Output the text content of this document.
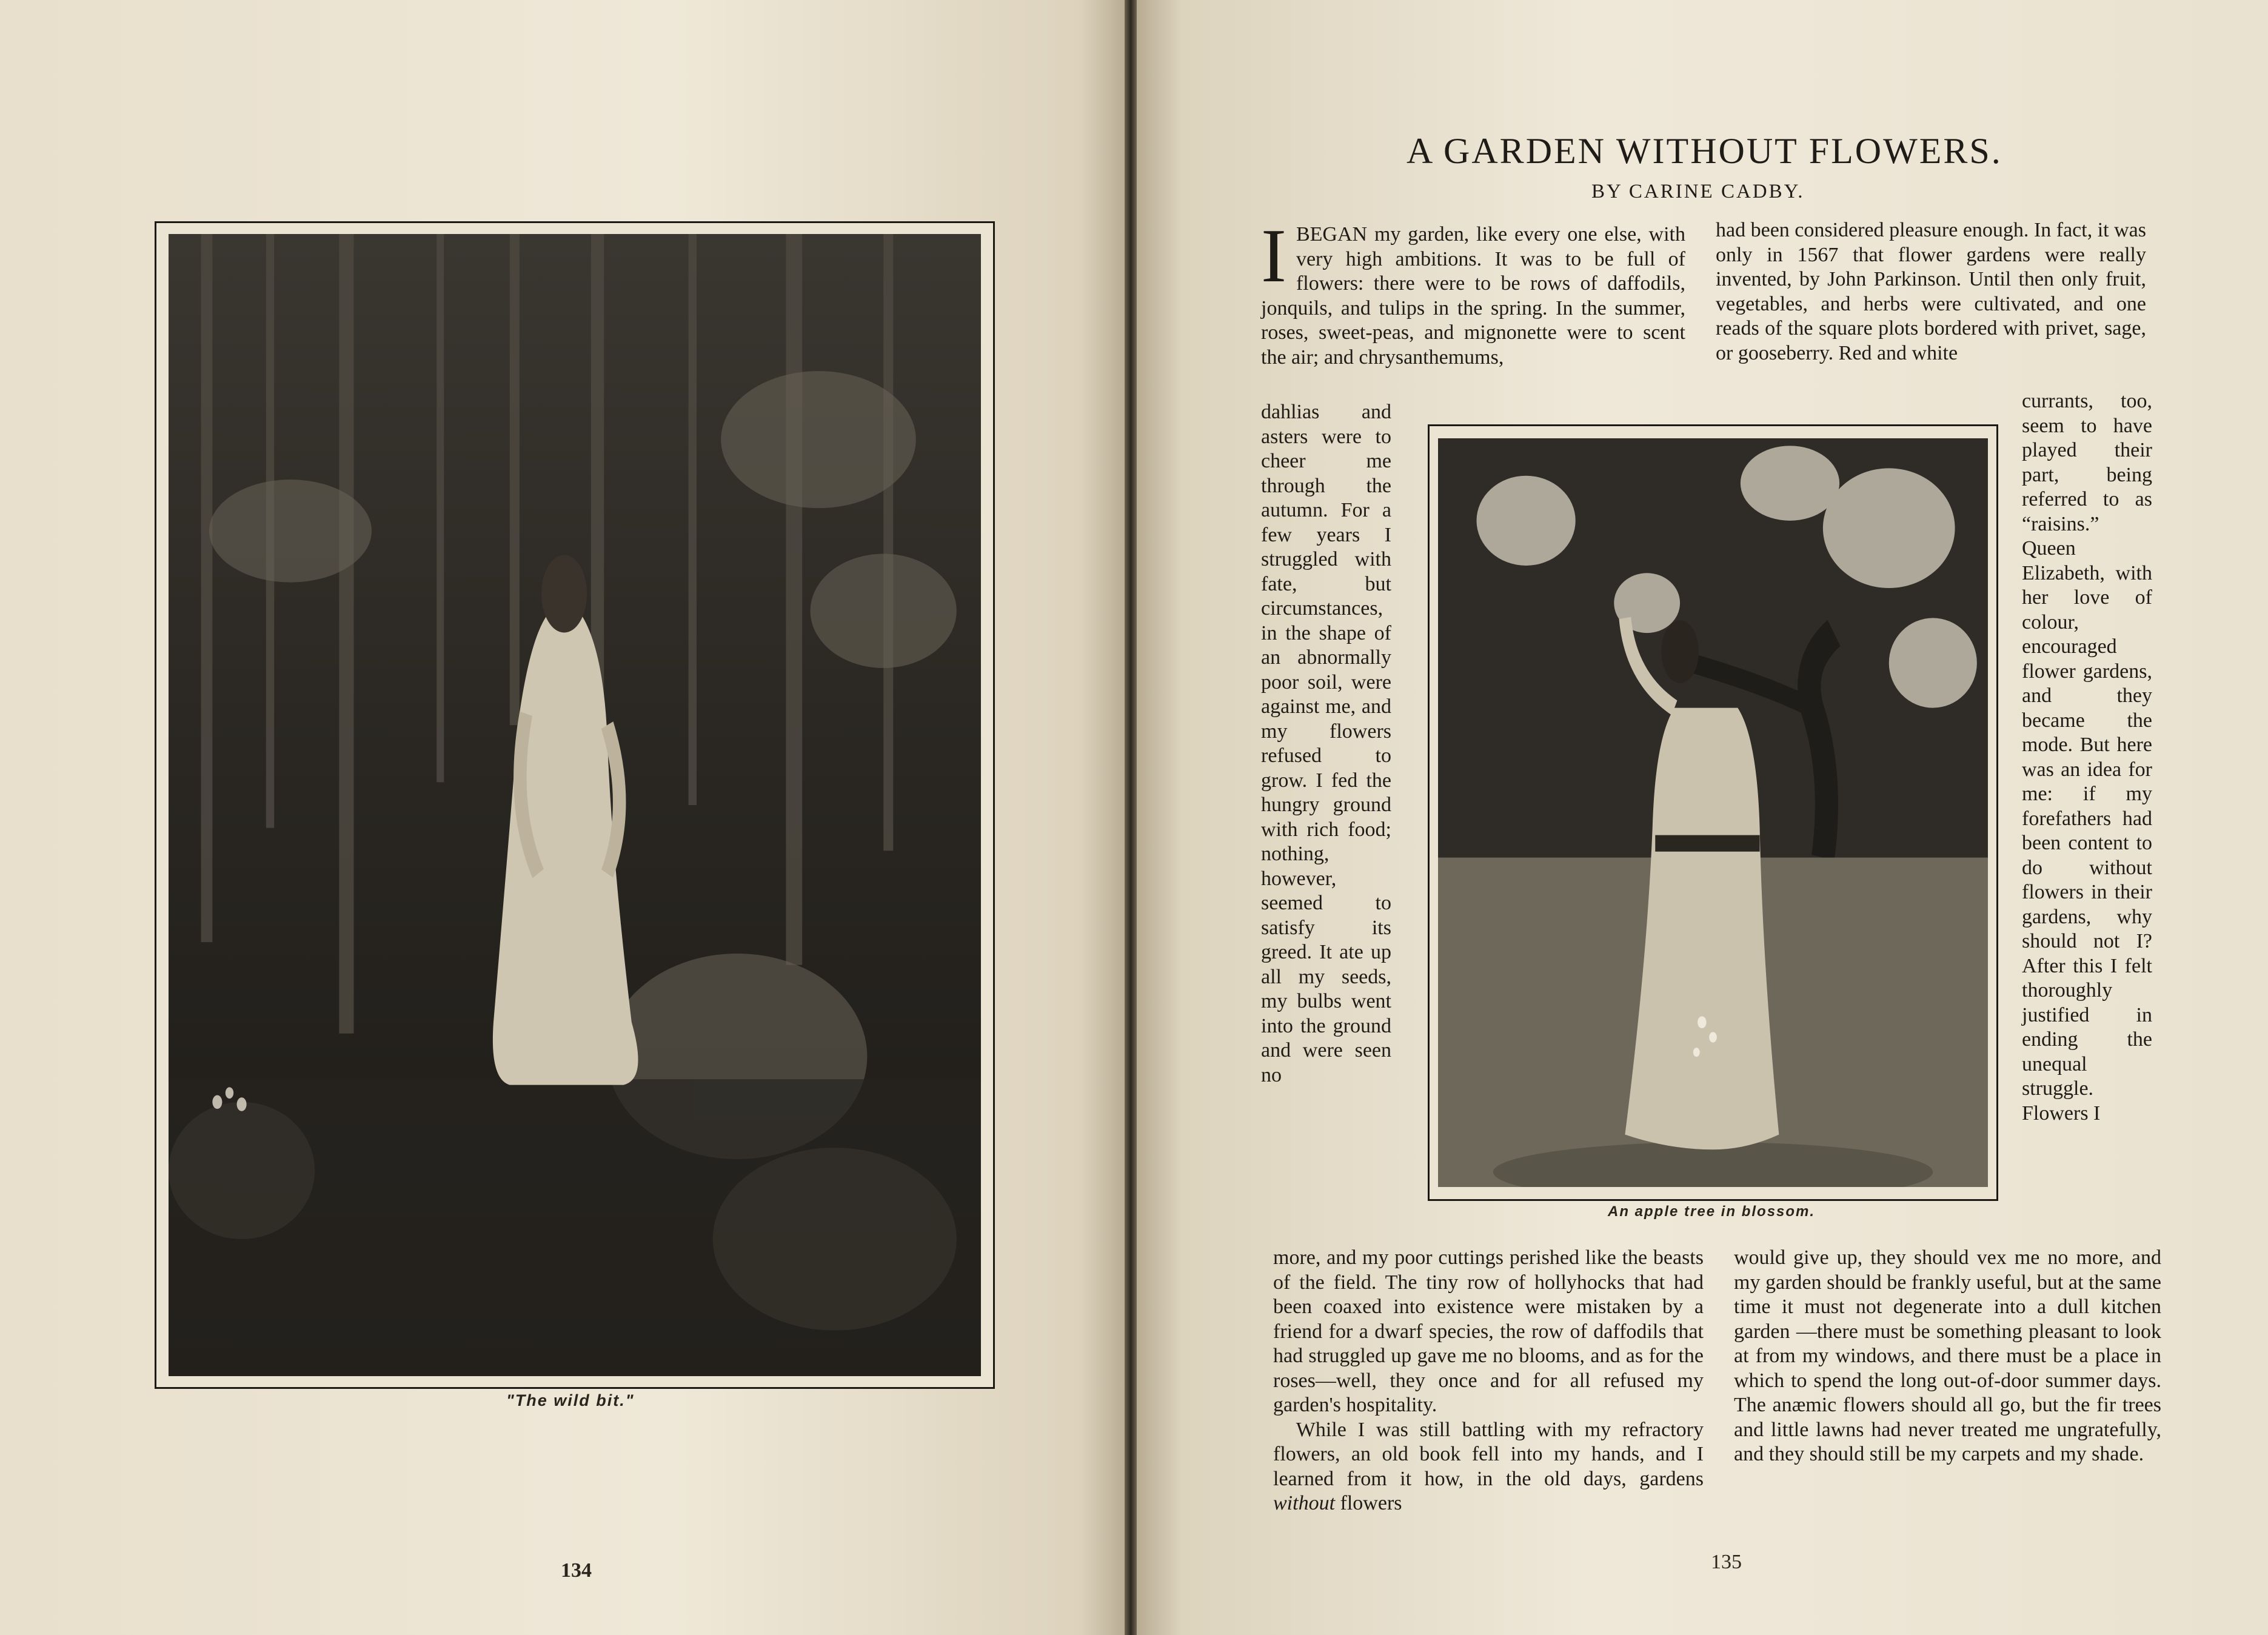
"The wild bit."
134
A GARDEN WITHOUT FLOWERS.
BY CARINE CADBY.
IBEGAN my garden, like every one else, with very high ambitions. It was to be full of flowers: there were to be rows of daffodils, jonquils, and tulips in the spring. In the summer, roses, sweet-peas, and mignonette were to scent the air; and chrysanthemums,
dahlias and asters were to cheer me through the autumn. For a few years I struggled with fate, but circumstances, in the shape of an abnormally poor soil, were against me, and my flowers refused to grow. I fed the hungry ground with rich food; nothing, however, seemed to satisfy its greed. It ate up all my seeds, my bulbs went into the ground and were seen no
more, and my poor cuttings perished like the beasts of the field. The tiny row of hollyhocks that had been coaxed into existence were mistaken by a friend for a dwarf species, the row of daffodils that had struggled up gave me no blooms, and as for the roses—well, they once and for all refused my garden's hospitality.
While I was still battling with my refractory flowers, an old book fell into my hands, and I learned from it how, in the old days, gardens without flowers
had been considered pleasure enough. In fact, it was only in 1567 that flower gardens were really invented, by John Parkinson. Until then only fruit, vegetables, and herbs were cultivated, and one reads of the square plots bordered with privet, sage, or gooseberry. Red and white
currants, too, seem to have played their part, being referred to as “raisins.” Queen Elizabeth, with her love of colour, encouraged flower gardens, and they became the mode. But here was an idea for me: if my forefathers had been content to do without flowers in their gardens, why should not I? After this I felt thoroughly justified in ending the unequal struggle. Flowers I
would give up, they should vex me no more, and my garden should be frankly useful, but at the same time it must not degenerate into a dull kitchen garden —there must be something pleasant to look at from my windows, and there must be a place in which to spend the long out-of-door summer days. The anæmic flowers should all go, but the fir trees and little lawns had never treated me ungratefully, and they should still be my carpets and my shade.
An apple tree in blossom.
135
